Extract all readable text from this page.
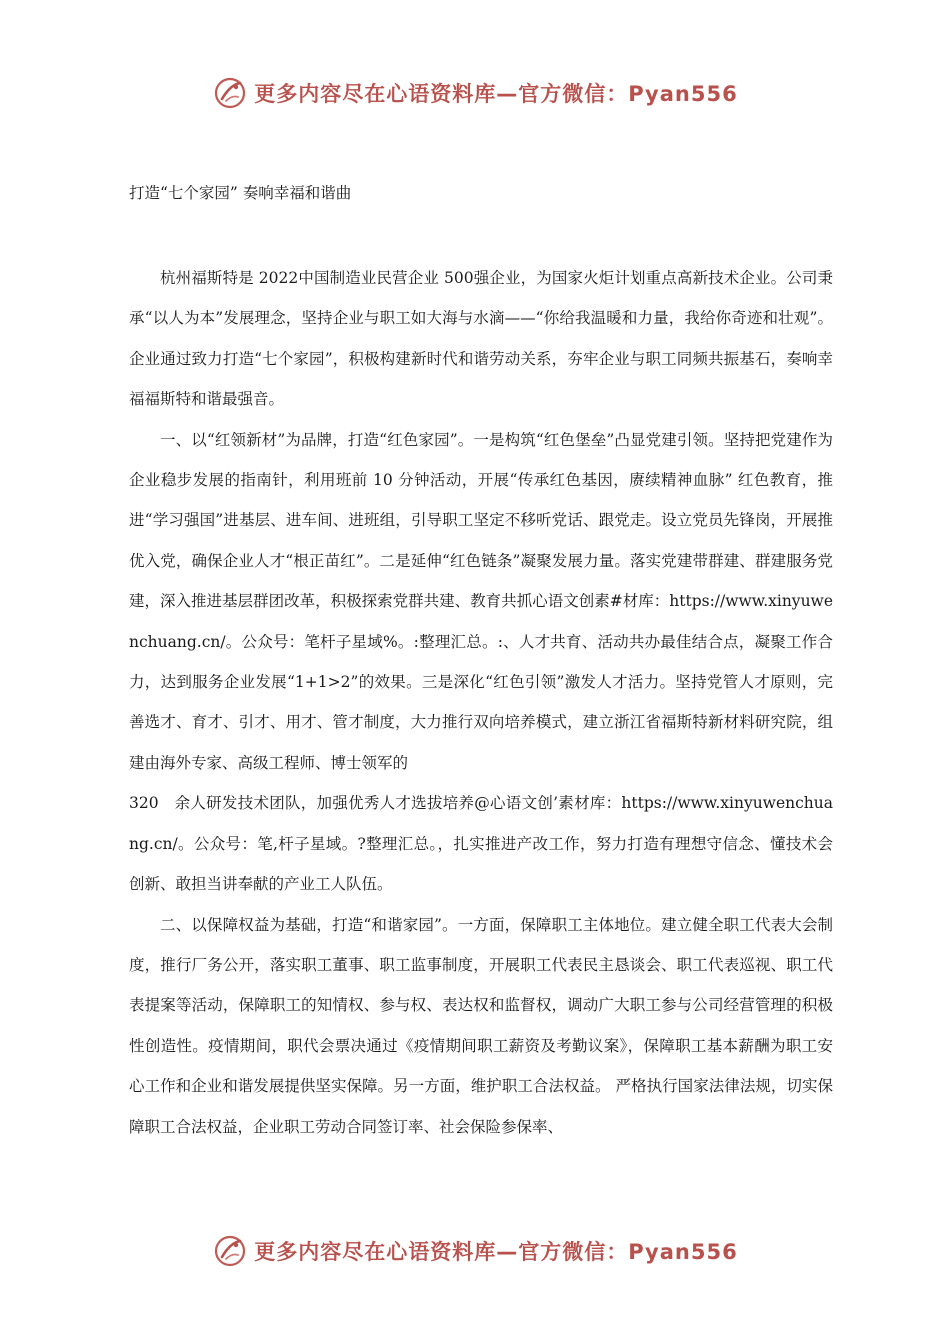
更多内容尽在心语资料库—官方微信：Pyan556
打造“七个家园” 奏响幸福和谐曲

杭州福斯特是 2022中国制造业民营企业 500强企业，为国家火炬计划重点高新技术企业。公司秉承“以人为本”发展理念，坚持企业与职工如大海与水滴——“你给我温暖和力量，我给你奇迹和壮观”。企业通过致力打造“七个家园”，积极构建新时代和谐劳动关系，夯牢企业与职工同频共振基石，奏响幸福福斯特和谐最强音。

一、以“红领新材”为品牌，打造“红色家园”。一是构筑“红色堡垒”凸显党建引领。坚持把党建作为企业稳步发展的指南针，利用班前 10 分钟活动，开展“传承红色基因，赓续精神血脉” 红色教育，推进“学习强国”进基层、进车间、进班组，引导职工坚定不移听党话、跟党走。设立党员先锋岗，开展推优入党，确保企业人才“根正苗红”。二是延伸“红色链条”凝聚发展力量。落实党建带群建、群建服务党建，深入推进基层群团改革，积极探索党群共建、教育共抓心语文创素#材库：https://www.xinyuwenchuang.cn/。公众号：笔杆子星域%。:整理汇总。:、人才共育、活动共办最佳结合点，凝聚工作合力，达到服务企业发展“1+1>2”的效果。三是深化“红色引领”激发人才活力。坚持党管人才原则，完善选才、育才、引才、用才、管才制度，大力推行双向培养模式，建立浙江省福斯特新材料研究院，组建由海外专家、高级工程师、博士领军的

320　余人研发技术团队，加强优秀人才选拔培养@心语文创’素材库：https://www.xinyuwenchuang.cn/。公众号：笔,杆子星域。?整理汇总。，扎实推进产改工作，努力打造有理想守信念、懂技术会创新、敢担当讲奉献的产业工人队伍。

二、以保障权益为基础，打造“和谐家园”。一方面，保障职工主体地位。建立健全职工代表大会制度，推行厂务公开，落实职工董事、职工监事制度，开展职工代表民主恳谈会、职工代表巡视、职工代表提案等活动，保障职工的知情权、参与权、表达权和监督权，调动广大职工参与公司经营管理的积极性创造性。疫情期间，职代会票决通过《疫情期间职工薪资及考勤议案》，保障职工基本薪酬为职工安心工作和企业和谐发展提供坚实保障。另一方面，维护职工合法权益。 严格执行国家法律法规，切实保障职工合法权益，企业职工劳动合同签订率、社会保险参保率、

更多内容尽在心语资料库—官方微信：Pyan556
